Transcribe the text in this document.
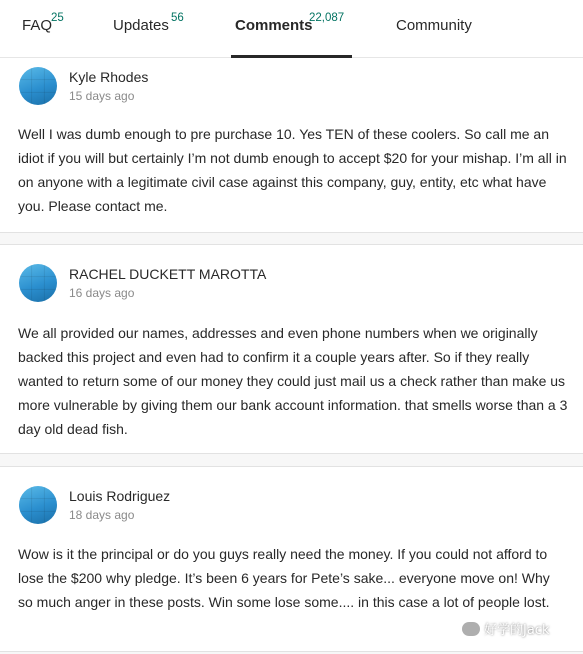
FAQ
25	Updates 56	Comments
22,087	Community
Kyle Rhodes
15 days ago

Well I was dumb enough to pre purchase 10. Yes TEN of these coolers. So call me an idiot if you will but certainly I’m not dumb enough to accept $20 for your mishap. I’m all in on anyone with a legitimate civil case against this company, guy, entity, etc what have you. Please contact me.

RACHEL DUCKETT MAROTTA
16 days ago

We all provided our names, addresses and even phone numbers when we originally backed this project and even had to confirm it a couple years after. So if they really wanted to return some of our money they could just mail us a check rather than make us more vulnerable by giving them our bank account information. that smells worse than a 3 day old dead fish.

Louis Rodriguez
18 days ago

Wow is it the principal or do you guys really need the money. If you could not afford to lose the $200 why pledge. It’s been 6 years for Pete’s sake... everyone move on! Why so much anger in these posts. Win some lose some.... in this case a lot of people lost.

好学的Jack
